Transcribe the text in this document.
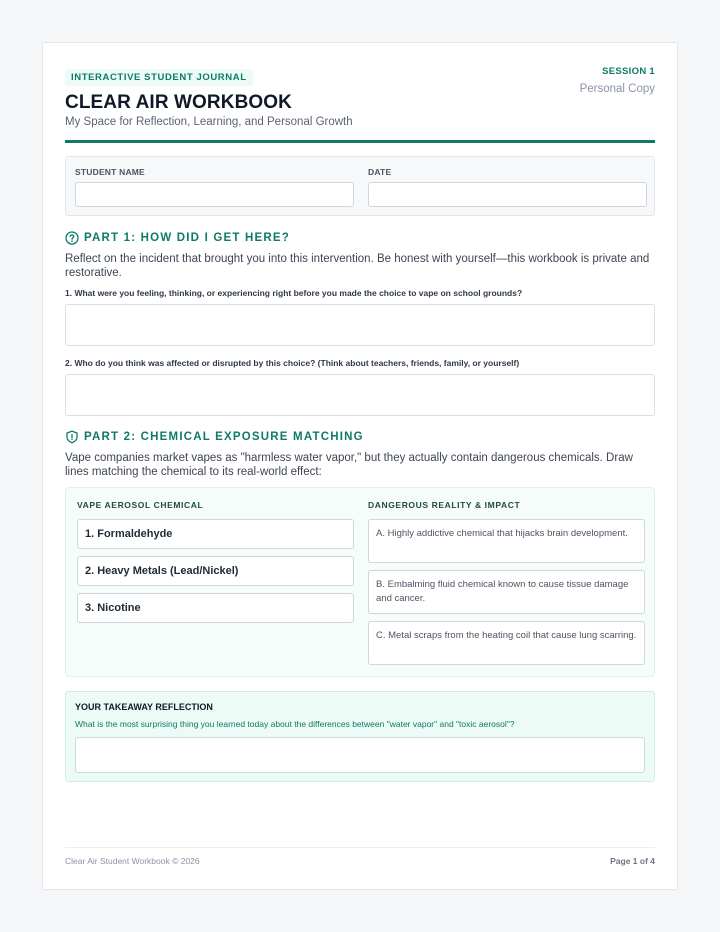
INTERACTIVE STUDENT JOURNAL
CLEAR AIR WORKBOOK
My Space for Reflection, Learning, and Personal Growth
SESSION 1
Personal Copy
STUDENT NAME	DATE
PART 1: HOW DID I GET HERE?
Reflect on the incident that brought you into this intervention. Be honest with yourself—this workbook is private and restorative.
1. What were you feeling, thinking, or experiencing right before you made the choice to vape on school grounds?
2. Who do you think was affected or disrupted by this choice? (Think about teachers, friends, family, or yourself)
PART 2: CHEMICAL EXPOSURE MATCHING
Vape companies market vapes as "harmless water vapor," but they actually contain dangerous chemicals. Draw lines matching the chemical to its real-world effect:
VAPE AEROSOL CHEMICAL	DANGEROUS REALITY & IMPACT
1. Formaldehyde
2. Heavy Metals (Lead/Nickel)
3. Nicotine
A. Highly addictive chemical that hijacks brain development.
B. Embalming fluid chemical known to cause tissue damage and cancer.
C. Metal scraps from the heating coil that cause lung scarring.
YOUR TAKEAWAY REFLECTION
What is the most surprising thing you learned today about the differences between "water vapor" and "toxic aerosol"?
Clear Air Student Workbook © 2026	Page 1 of 4
